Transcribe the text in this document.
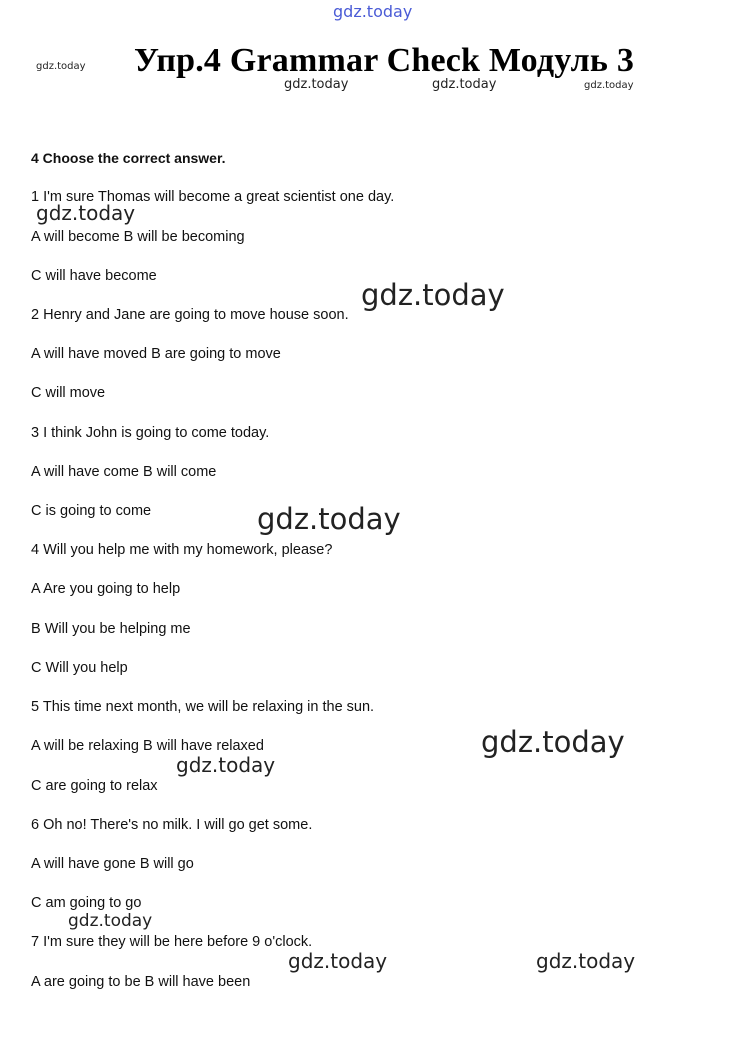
Упр.4 Grammar Check Модуль 3
4 Choose the correct answer.
1 I'm sure Thomas will become a great scientist one day.
A will become B will be becoming
C will have become
2 Henry and Jane are going to move house soon.
A will have moved B are going to move
C will move
3 I think John is going to come today.
A will have come B will come
C is going to come
4 Will you help me with my homework, please?
A Are you going to help
B Will you be helping me
C Will you help
5 This time next month, we will be relaxing in the sun.
A will be relaxing B will have relaxed
C are going to relax
6 Oh no! There's no milk. I will go get some.
A will have gone B will go
C am going to go
7 I'm sure they will be here before 9 o'clock.
A are going to be B will have been
gdz.today
gdz.today
gdz.today	gdz.today	gdz.today
gdz.today
gdz.today
gdz.today
gdz.today
gdz.today
gdz.today
gdz.today	gdz.today
